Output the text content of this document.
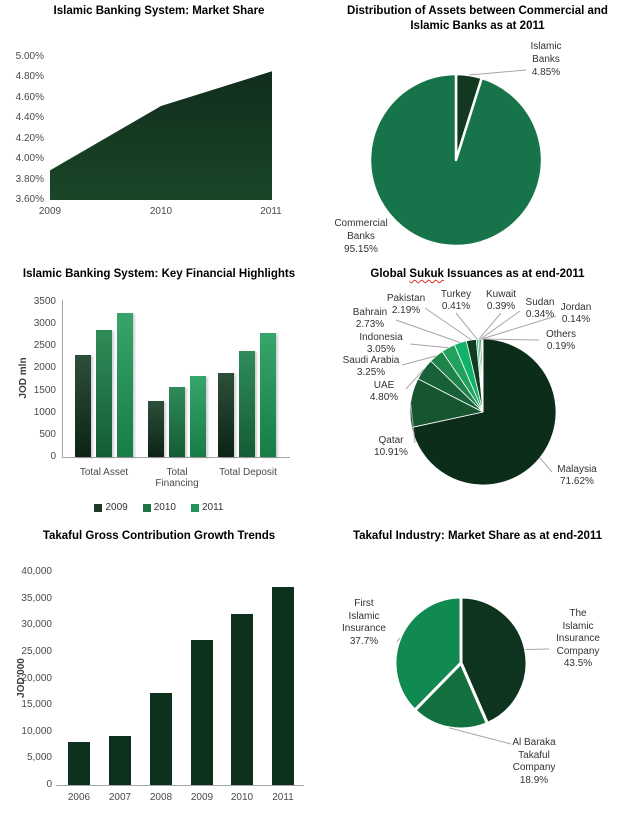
Islamic Banking System: Market Share
5.00%
4.80%
4.60%
4.40%
4.20%
4.00%
3.80%
3.60%
2009	2010	2011
Distribution of Assets between Commercial and Islamic Banks as at 2011
Islamic
Banks
4.85%
Commercial
Banks
95.15%
Islamic Banking System: Key Financial Highlights
3500
3000
2500
2000
1500
1000
500
0
JOD mln
Total Asset	Total Financing
Total Deposit
2009	2010	2011
Global Sukuk Issuances as at end-2011
Malaysia
71.62%
Qatar
10.91%
UAE
4.80%
Saudi Arabia
3.25%
Indonesia
3.05%
Bahrain
2.73%
Pakistan
2.19%
Turkey
0.41%
Kuwait
0.39%	Sudan
0.34%
Jordan
0.14%
Others
0.19%
Takaful Gross Contribution Growth Trends
40,000
35,000
30,000
25,000
20,000
15,000
10,000
5,000
0
JOD'000
2006	2007	2008	2009	2010	2011
Takaful Industry: Market Share as at end-2011
The
Islamic
Insurance
Company
43.5%
Al Baraka
Takaful
Company
18.9%
First
Islamic
Insurance
37.7%
